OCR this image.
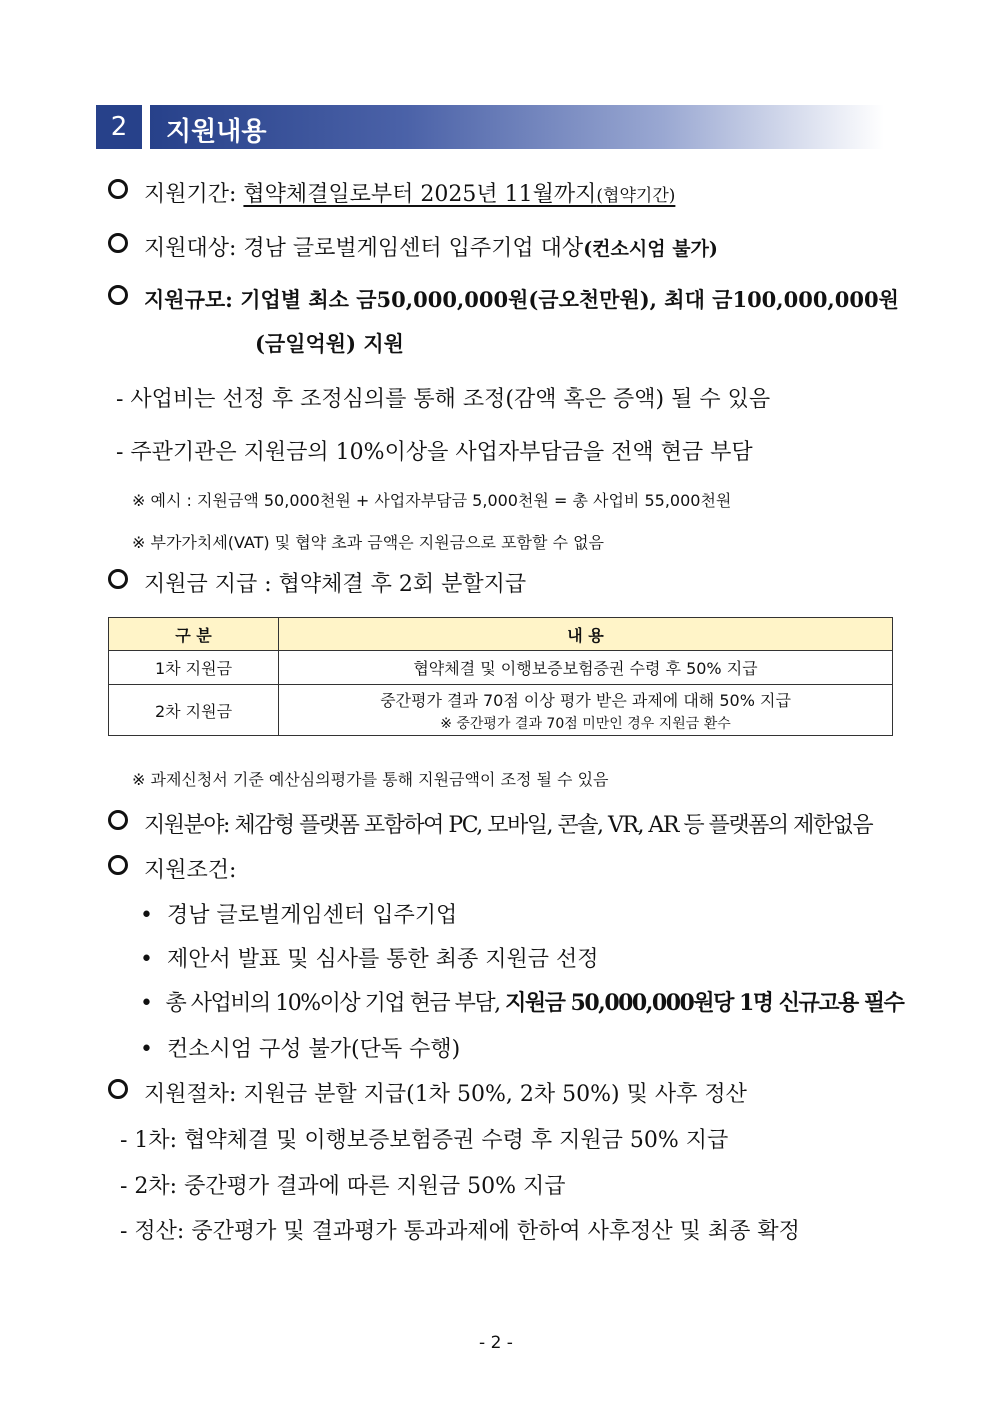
2	지원내용
지원기간: 협약체결일로부터 2025년 11월까지(협약기간)
지원대상: 경남 글로벌게임센터 입주기업 대상(컨소시엄 불가)
지원규모: 기업별 최소 금50,000,000원(금오천만원), 최대 금100,000,000원
(금일억원) 지원
- 사업비는 선정 후 조정심의를 통해 조정(감액 혹은 증액) 될 수 있음
- 주관기관은 지원금의 10%이상을 사업자부담금을 전액 현금 부담
※ 예시 : 지원금액 50,000천원 + 사업자부담금 5,000천원 = 총 사업비 55,000천원
※ 부가가치세(VAT) 및 협약 초과 금액은 지원금으로 포함할 수 없음
지원금 지급 : 협약체결 후 2회 분할지급
구 분	내 용
1차 지원금	협약체결 및 이행보증보험증권 수령 후 50% 지급
2차 지원금	중간평가 결과 70점 이상 평가 받은 과제에 대해 50% 지급
※ 중간평가 결과 70점 미만인 경우 지원금 환수
※ 과제신청서 기준 예산심의평가를 통해 지원금액이 조정 될 수 있음
지원분야: 체감형 플랫폼 포함하여 PC, 모바일, 콘솔, VR, AR 등 플랫폼의 제한없음
지원조건:
• 경남 글로벌게임센터 입주기업
• 제안서 발표 및 심사를 통한 최종 지원금 선정
• 총 사업비의 10%이상 기업 현금 부담, 지원금 50,000,000원당 1명 신규고용 필수
• 컨소시엄 구성 불가(단독 수행)
지원절차: 지원금 분할 지급(1차 50%, 2차 50%) 및 사후 정산
- 1차: 협약체결 및 이행보증보험증권 수령 후 지원금 50% 지급
- 2차: 중간평가 결과에 따른 지원금 50% 지급
- 정산: 중간평가 및 결과평가 통과과제에 한하여 사후정산 및 최종 확정
- 2 -
